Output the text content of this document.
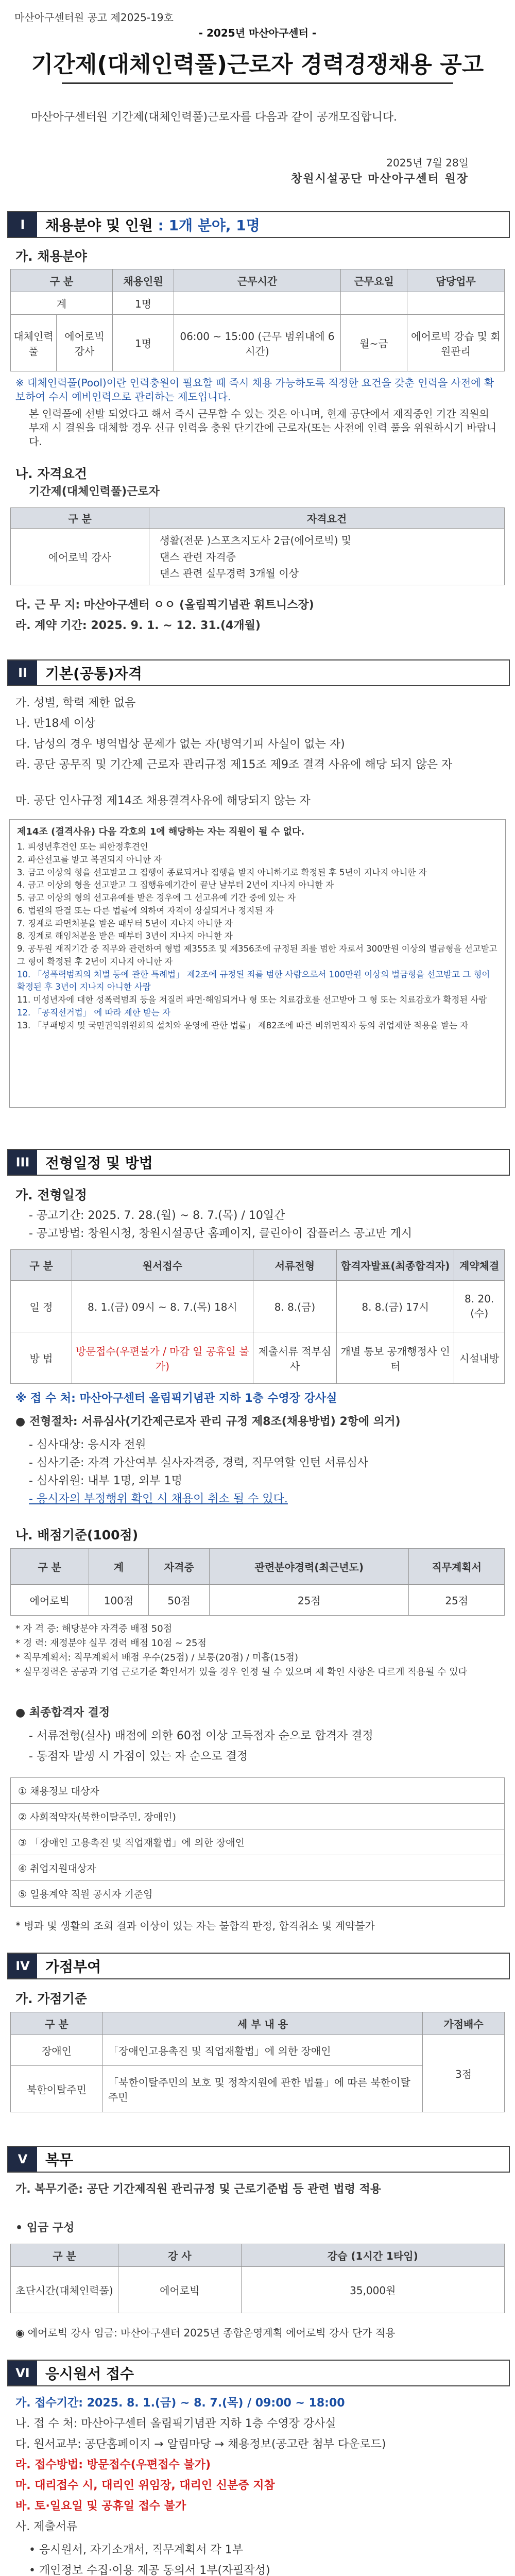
마산아구센터원 공고 제2025-19호
- 2025년 마산아구센터 -
기간제(대체인력풀)근로자 경력경쟁채용 공고
마산아구센터원 기간제(대체인력풀)근로자를 다음과 같이 공개모집합니다.
2025년 7월 28일
창원시설공단 마산아구센터 원장
I	채용분야 및 인원 : 1개 분야, 1명
가. 채용분야
구 분		채용인원	근무시간	근무요일	담당업무
계		1명			
대체인력풀	에어로빅 강사	1명	06:00 ~ 15:00 (근무 범위내에 6시간)	월~금	에어로빅 강습 및 회원관리
※ 대체인력풀(Pool)이란 인력충원이 필요할 때 즉시 채용 가능하도록 적정한 요건을 갖춘 인력을 사전에 확보하여 수시 예비인력으로 관리하는 제도입니다.
본 인력풀에 선발 되었다고 해서 즉시 근무할 수 있는 것은 아니며, 현재 공단에서 재직중인 기간 직원의 부재 시 결원을 대체할 경우 신규 인력을 충원 단기간에 근로자(또는 사전에 인력 풀을 위원하시기 바랍니다.
나. 자격요건
기간제(대체인력풀)근로자
구 분	자격요건
에어로빅 강사	생활(전문 )스포츠지도사 2급(에어로빅) 및
댄스 관련 자격증
댄스 관련 실무경력 3개월 이상
다. 근 무 지: 마산아구센터 ㅇㅇ (올림픽기념관 휘트니스장)
라. 계약 기간: 2025. 9. 1. ~ 12. 31.(4개월)
II	기본(공통)자격
가. 성별, 학력 제한 없음
나. 만18세 이상
다. 남성의 경우 병역법상 문제가 없는 자(병역기피 사실이 없는 자)
라. 공단 공무직 및 기간제 근로자 관리규정 제15조 제9조 결격 사유에 해당 되지 않은 자
마. 공단 인사규정 제14조 채용결격사유에 해당되지 않는 자
제14조 (결격사유) 다음 각호의 1에 해당하는 자는 직원이 될 수 없다.
1. 피성년후견인 또는 피한정후견인
2. 파산선고를 받고 복권되지 아니한 자
3. 금고 이상의 형을 선고받고 그 집행이 종료되거나 집행을 받지 아니하기로 확정된 후 5년이 지나지 아니한 자
4. 금고 이상의 형을 선고받고 그 집행유예기간이 끝난 날부터 2년이 지나지 아니한 자
5. 금고 이상의 형의 선고유예를 받은 경우에 그 선고유예 기간 중에 있는 자
6. 법원의 판결 또는 다른 법률에 의하여 자격이 상실되거나 정지된 자
7. 징계로 파면처분을 받은 때부터 5년이 지나지 아니한 자
8. 징계로 해임처분을 받은 때부터 3년이 지나지 아니한 자
9. 공무원 재직기간 중 직무와 관련하여 형법 제355조 및 제356조에 규정된 죄를 범한 자로서 300만원 이상의 벌금형을 선고받고 그 형이 확정된 후 2년이 지나지 아니한 자
10. 「성폭력범죄의 처벌 등에 관한 특례법」 제2조에 규정된 죄를 범한 사람으로서 100만원 이상의 벌금형을 선고받고 그 형이 확정된 후 3년이 지나지 아니한 사람
11. 미성년자에 대한 성폭력범죄 등을 저질러 파면·해임되거나 형 또는 치료감호를 선고받아 그 형 또는 치료감호가 확정된 사람
12. 「공직선거법」 에 따라 제한 받는 자
13. 「부패방지 및 국민권익위원회의 설치와 운영에 관한 법률」 제82조에 따른 비위면직자 등의 취업제한 적용을 받는 자
III	전형일정 및 방법
가. 전형일정
- 공고기간: 2025. 7. 28.(월) ~ 8. 7.(목) / 10일간
- 공고방법: 창원시청, 창원시설공단 홈페이지, 클린아이 잡플러스 공고만 게시
구 분	원서접수	서류전형	합격자발표(최종합격자)	계약체결
일 정	8. 1.(금) 09시 ~ 8. 7.(목) 18시	8. 8.(금)	8. 8.(금) 17시	8. 20.(수)
방 법	방문접수(우편불가 / 마감 일 공휴일 불가)	제출서류 적부심사	개별 통보 공개행정사 인터	시설내방
※ 접 수 처: 마산아구센터 올림픽기념관 지하 1층 수영장 강사실
● 전형절차: 서류심사(기간제근로자 관리 규정 제8조(채용방법) 2항에 의거)
- 심사대상: 응시자 전원
- 심사기준: 자격 가산여부 실사자격증, 경력, 직무역할 인턴 서류심사
- 심사위원: 내부 1명, 외부 1명
- 응시자의 부정행위 확인 시 채용이 취소 될 수 있다.
나. 배점기준(100점)
구 분	계	자격증	관련분야경력(최근년도)	직무계획서
에어로빅	100점	50점	25점	25점
* 자 격 증: 해당분야 자격증 배점 50점
* 경 력: 재정분야 실무 경력 배점 10점 ~ 25점
* 직무계획서: 직무계획서 배점 우수(25점) / 보통(20점) / 미흡(15점)
* 실무경력은 공공과 기업 근로기준 확인서가 있을 경우 인정 될 수 있으며 제 확인 사항은 다르게 적용될 수 있다
● 최종합격자 결정
- 서류전형(실사) 배점에 의한 60점 이상 고득점자 순으로 합격자 결정
- 동점자 발생 시 가점이 있는 자 순으로 결정
① 채용정보 대상자
② 사회적약자(북한이탈주민, 장애인)
③ 「장애인 고용촉진 및 직업재활법」에 의한 장애인
④ 취업지원대상자
⑤ 일용계약 직원 공시자 기준임
* 병과 및 생활의 조회 결과 이상이 있는 자는 불합격 판정, 합격취소 및 계약불가
IV	가점부여
가. 가점기준
구 분	세 부 내 용	가점배수
장애인	「장애인고용촉진 및 직업재활법」에 의한 장애인	3점
북한이탈주민	「북한이탈주민의 보호 및 정착지원에 관한 법률」에 따른 북한이탈주민	
V	복무
가. 복무기준: 공단 기간제직원 관리규정 및 근로기준법 등 관련 법령 적용
• 임금 구성
구 분	강 사	강습 (1시간 1타임)
초단시간(대체인력풀)	에어로빅	35,000원
◉ 에어로빅 강사 임금: 마산아구센터 2025년 종합운영계획 에어로빅 강사 단가 적용
VI	응시원서 접수
가. 접수기간: 2025. 8. 1.(금) ~ 8. 7.(목) / 09:00 ~ 18:00
나. 접 수 처: 마산아구센터 올림픽기념관 지하 1층 수영장 강사실
다. 원서교부: 공단홈페이지 → 알림마당 → 채용정보(공고란 첨부 다운로드)
라. 접수방법: 방문접수(우편접수 불가)
마. 대리접수 시, 대리인 위임장, 대리인 신분증 지참
바. 토·일요일 및 공휴일 접수 불가
사. 제출서류
• 응시원서, 자기소개서, 직무계획서 각 1부
• 개인정보 수집·이용 제공 동의서 1부(자필작성)
